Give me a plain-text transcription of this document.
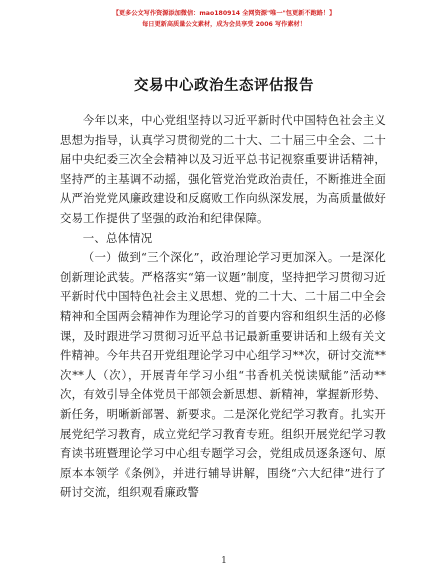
【更多公文写作资源添加微信：mao180914 全网资源"唯一"包更新不跑路！】
每日更新高质量公文素材，成为会员享受 2006 写作素材！
交易中心政治生态评估报告

今年以来，中心党组坚持以习近平新时代中国特色社会主义思想为指导，认真学习贯彻党的二十大、二十届三中全会、二十届中央纪委三次全会精神以及习近平总书记视察重要讲话精神，坚持严的主基调不动摇，强化管党治党政治责任，不断推进全面从严治党党风廉政建设和反腐败工作向纵深发展，为高质量做好交易工作提供了坚强的政治和纪律保障。

一、总体情况

（一）做到“三个深化”，政治理论学习更加深入。一是深化创新理论武装。严格落实“第一议题”制度，坚持把学习贯彻习近平新时代中国特色社会主义思想、党的二十大、二十届二中全会精神和全国两会精神作为理论学习的首要内容和组织生活的必修课，及时跟进学习贯彻习近平总书记最新重要讲话和上级有关文件精神。今年共召开党组理论学习中心组学习**次，研讨交流**次**人（次），开展青年学习小组“书香机关悦读赋能”活动**次，有效引导全体党员干部领会新思想、新精神，掌握新形势、新任务，明晰新部署、新要求。二是深化党纪学习教育。扎实开展党纪学习教育，成立党纪学习教育专班。组织开展党纪学习教育读书班暨理论学习中心组专题学习会，党组成员逐条逐句、原原本本领学《条例》，并进行辅导讲解，围绕“六大纪律”进行了研讨交流，组织观看廉政警

1
